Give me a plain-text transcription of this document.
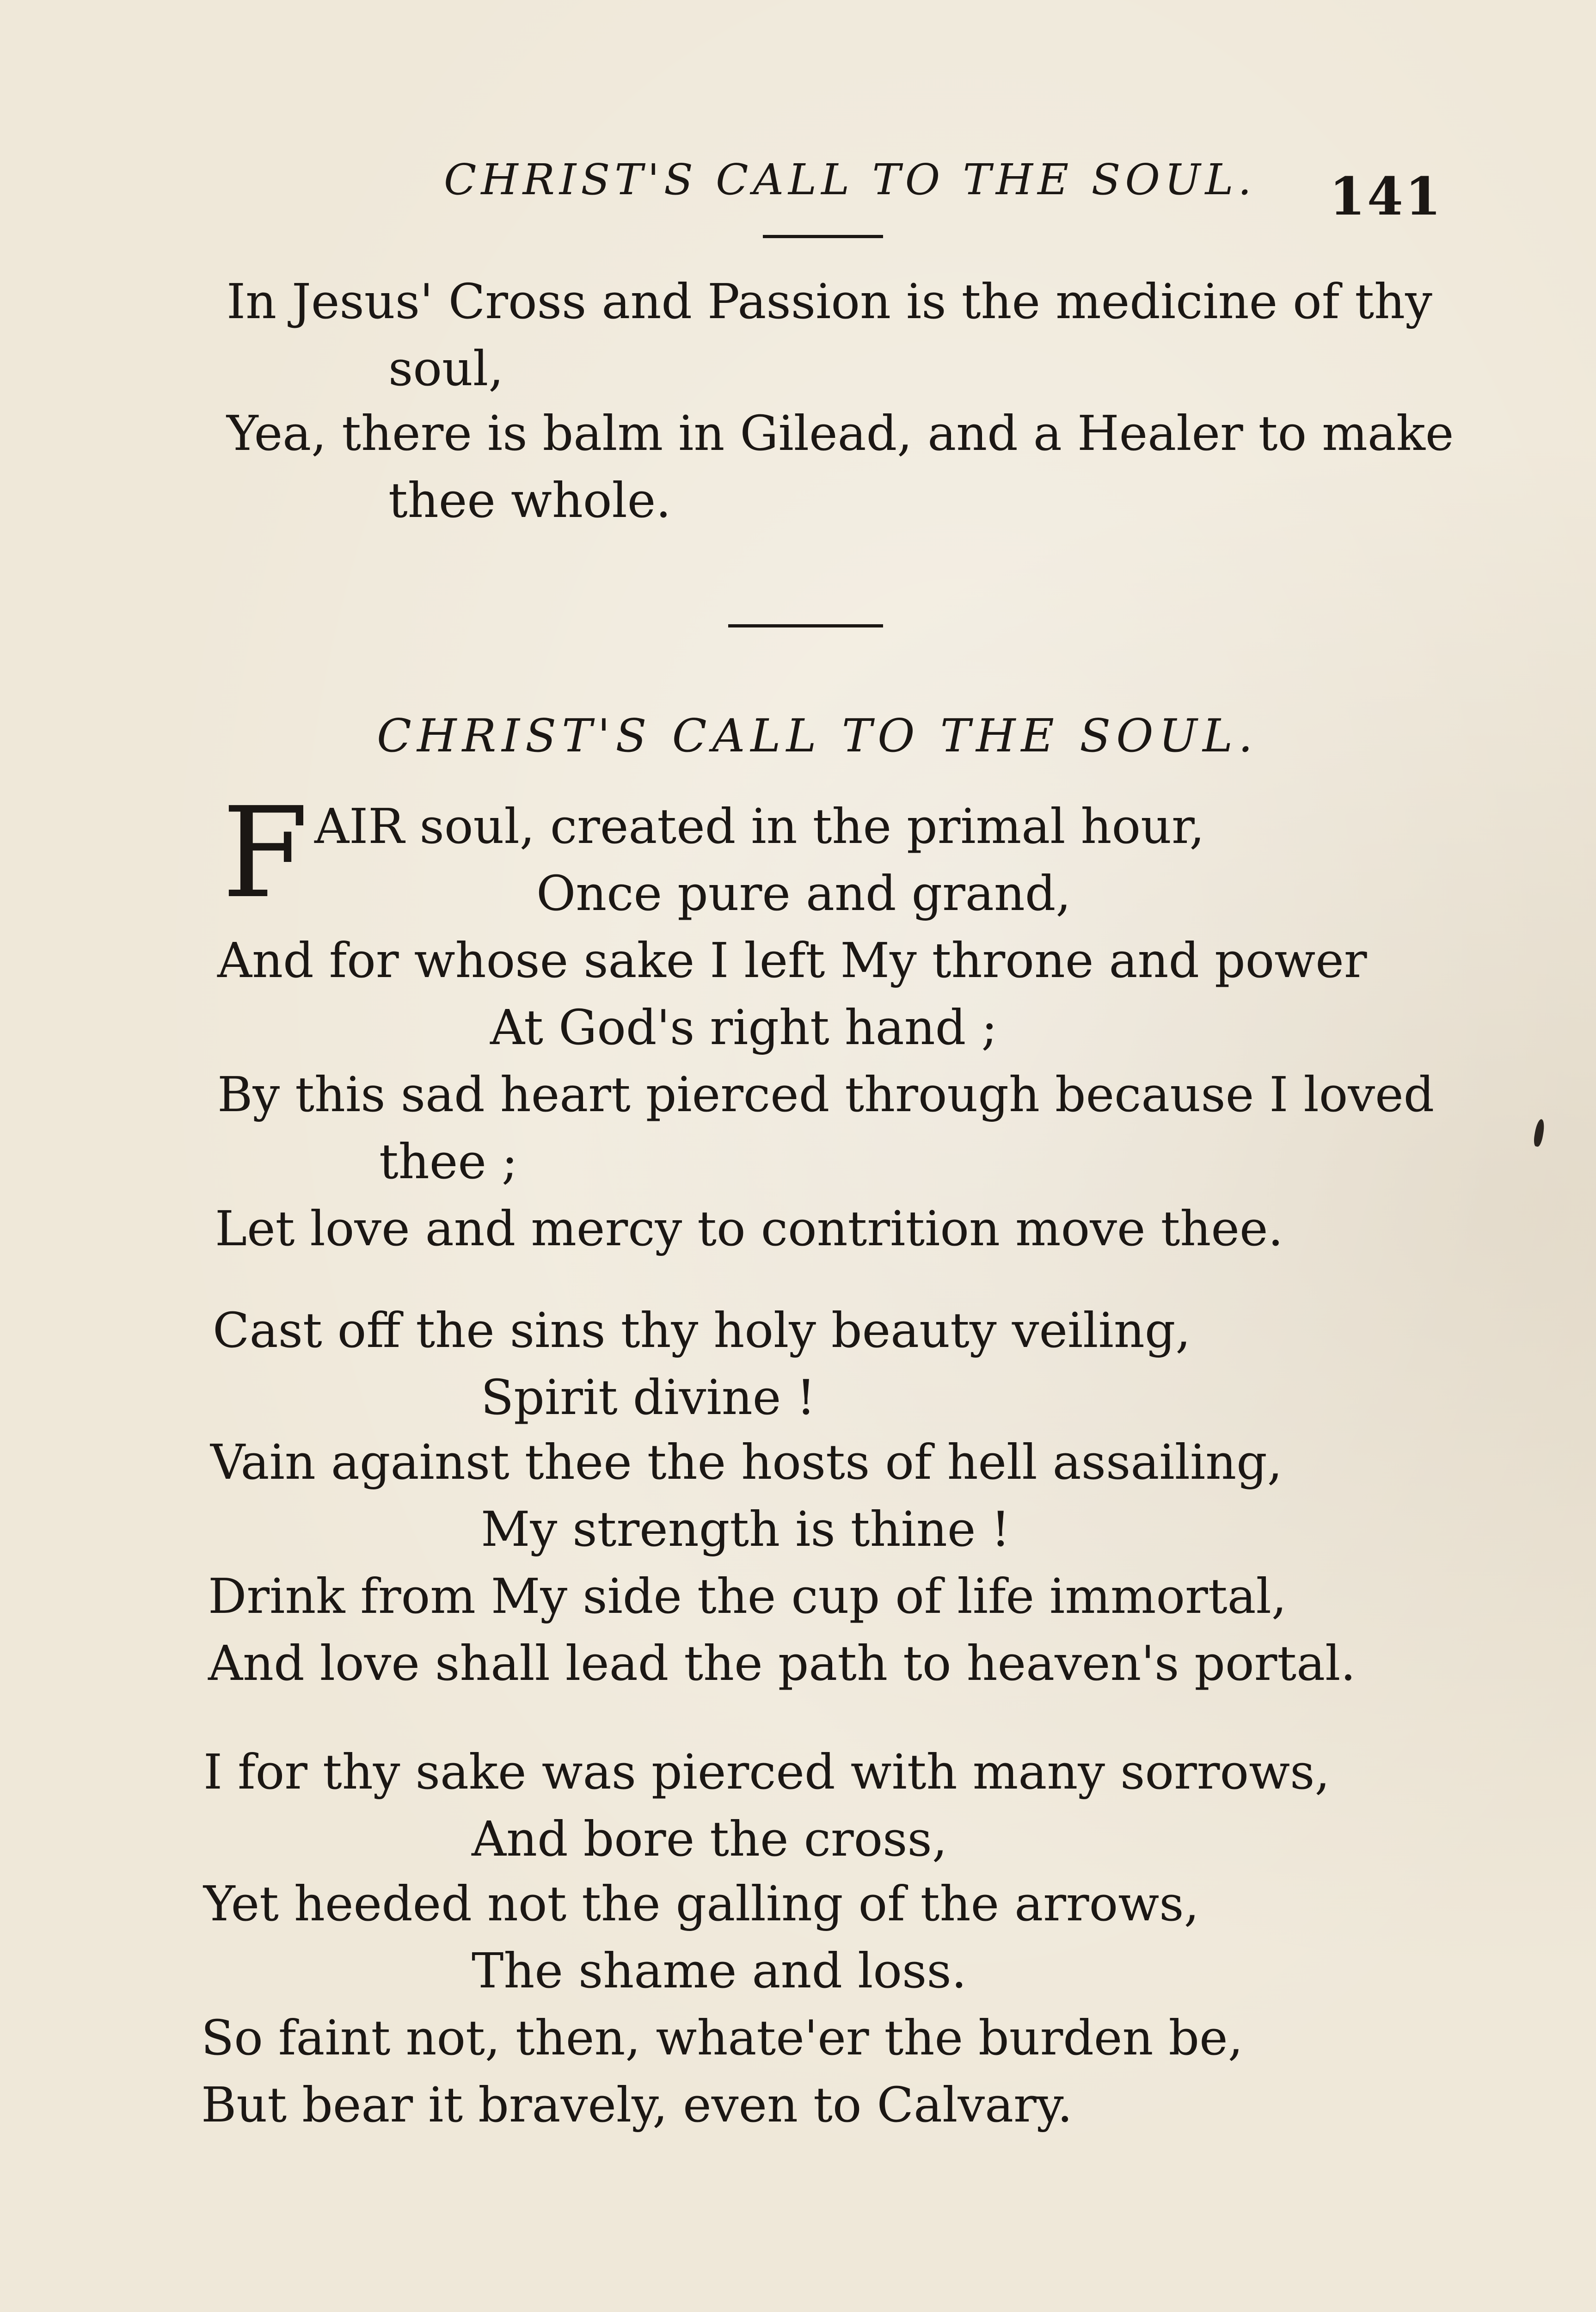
CHRIST'S CALL TO THE SOUL. 141
In Jesus' Cross and Passion is the medicine of thy
soul,
Yea, there is balm in Gilead, and a Healer to make
thee whole.
CHRIST'S CALL TO THE SOUL.
F AIR soul, created in the primal hour,
Once pure and grand,
And for whose sake I left My throne and power
At God's right hand ;
By this sad heart pierced through because I loved
thee ;
Let love and mercy to contrition move thee.
Cast off the sins thy holy beauty veiling,
Spirit divine !
Vain against thee the hosts of hell assailing,
My strength is thine !
Drink from My side the cup of life immortal,
And love shall lead the path to heaven's portal.
I for thy sake was pierced with many sorrows,
And bore the cross,
Yet heeded not the galling of the arrows,
The shame and loss.
So faint not, then, whate'er the burden be,
But bear it bravely, even to Calvary.
